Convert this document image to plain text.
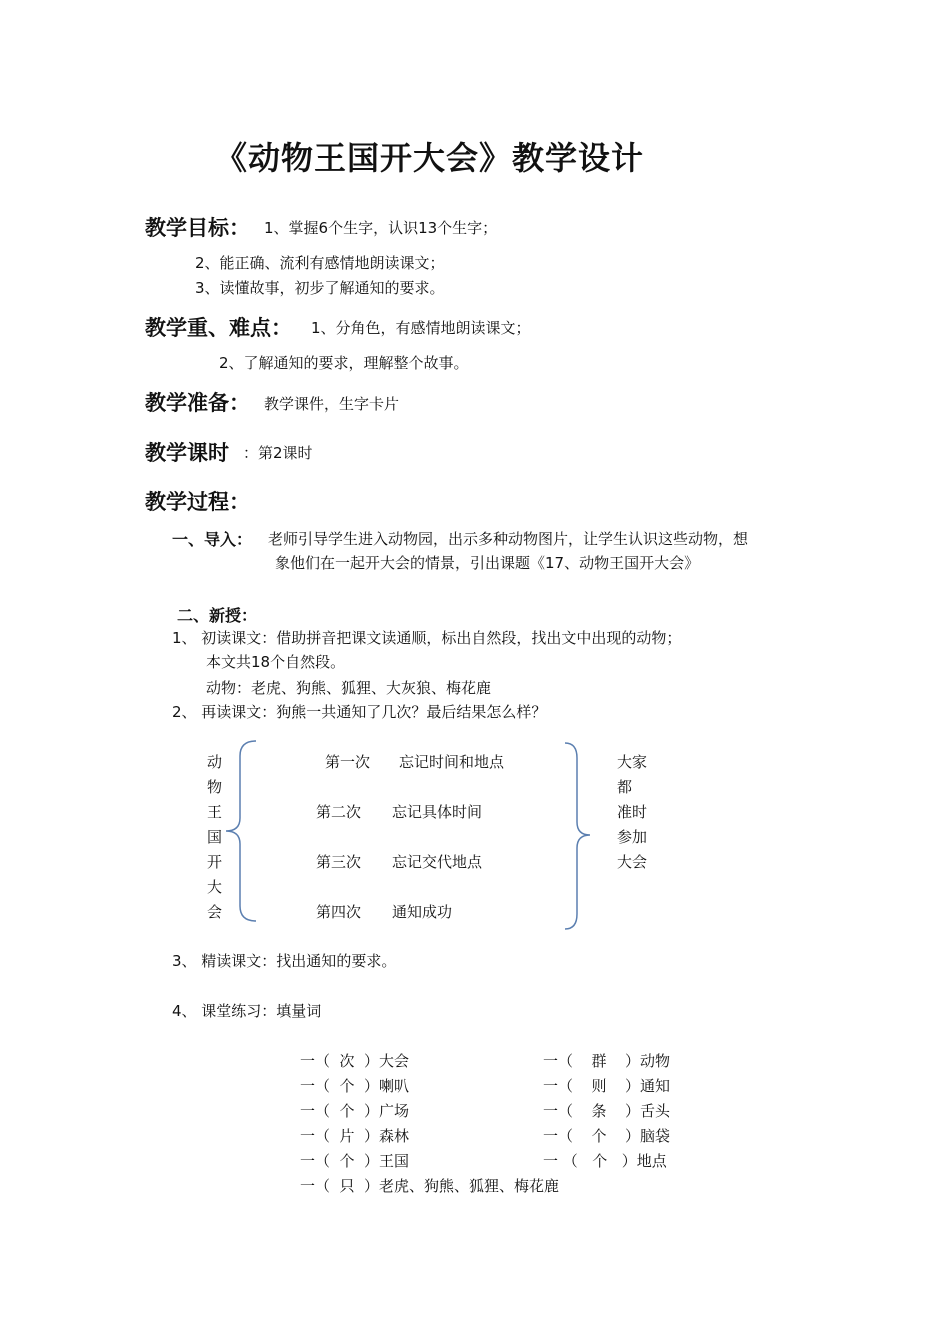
《动物王国开大会》教学设计
教学目标： 1、掌握6个生字，认识13个生字；
2、能正确、流利有感情地朗读课文；
3、读懂故事，初步了解通知的要求。
教学重、难点： 1、分角色，有感情地朗读课文；
2、了解通知的要求，理解整个故事。
教学准备： 教学课件，生字卡片
教学课时 ：第2课时
教学过程：
一、导入： 老师引导学生进入动物园，出示多种动物图片，让学生认识这些动物，想
象他们在一起开大会的情景，引出课题《17、动物王国开大会》
二、新授：
1、 初读课文：借助拼音把课文读通顺，标出自然段，找出文中出现的动物；
本文共18个自然段。
动物：老虎、狗熊、狐狸、大灰狼、梅花鹿
2、 再读课文：狗熊一共通知了几次？最后结果怎么样？
动
物
王
国
开
大
会
第一次 忘记时间和地点
第二次 忘记具体时间
第三次 忘记交代地点
第四次 通知成功
大家
都
准时
参加
大会
3、 精读课文：找出通知的要求。
4、 课堂练习：填量词
一（ 次 ）大会
一（ 个 ）喇叭
一（ 个 ）广场
一（ 片 ）森林
一（ 个 ）王国
一（ 只 ）老虎、狗熊、狐狸、梅花鹿
一（ 群 ）动物
一（ 则 ）通知
一（ 条 ）舌头
一（ 个 ）脑袋
一 （ 个 ）地点
